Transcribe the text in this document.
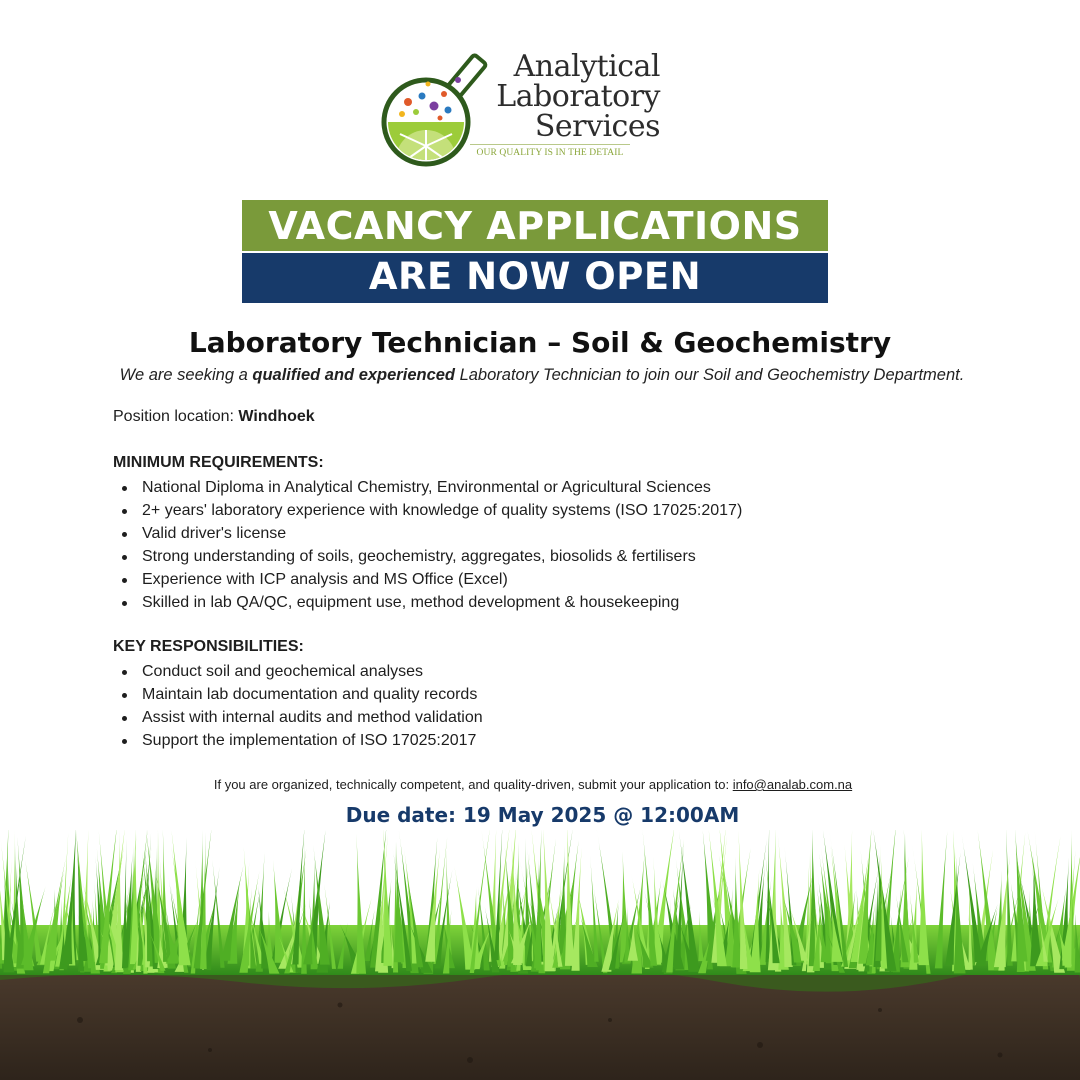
Analytical
Laboratory
Services
OUR QUALITY IS IN THE DETAIL
VACANCY APPLICATIONS
ARE NOW OPEN
Laboratory Technician – Soil & Geochemistry
We are seeking a qualified and experienced Laboratory Technician to join our Soil and Geochemistry Department.
Position location: Windhoek
MINIMUM REQUIREMENTS:
National Diploma in Analytical Chemistry, Environmental or Agricultural Sciences
2+ years' laboratory experience with knowledge of quality systems (ISO 17025:2017)
Valid driver's license
Strong understanding of soils, geochemistry, aggregates, biosolids & fertilisers
Experience with ICP analysis and MS Office (Excel)
Skilled in lab QA/QC, equipment use, method development & housekeeping
KEY RESPONSIBILITIES:
Conduct soil and geochemical analyses
Maintain lab documentation and quality records
Assist with internal audits and method validation
Support the implementation of ISO 17025:2017
If you are organized, technically competent, and quality-driven, submit your application to: info@analab.com.na
Due date: 19 May 2025 @ 12:00AM
